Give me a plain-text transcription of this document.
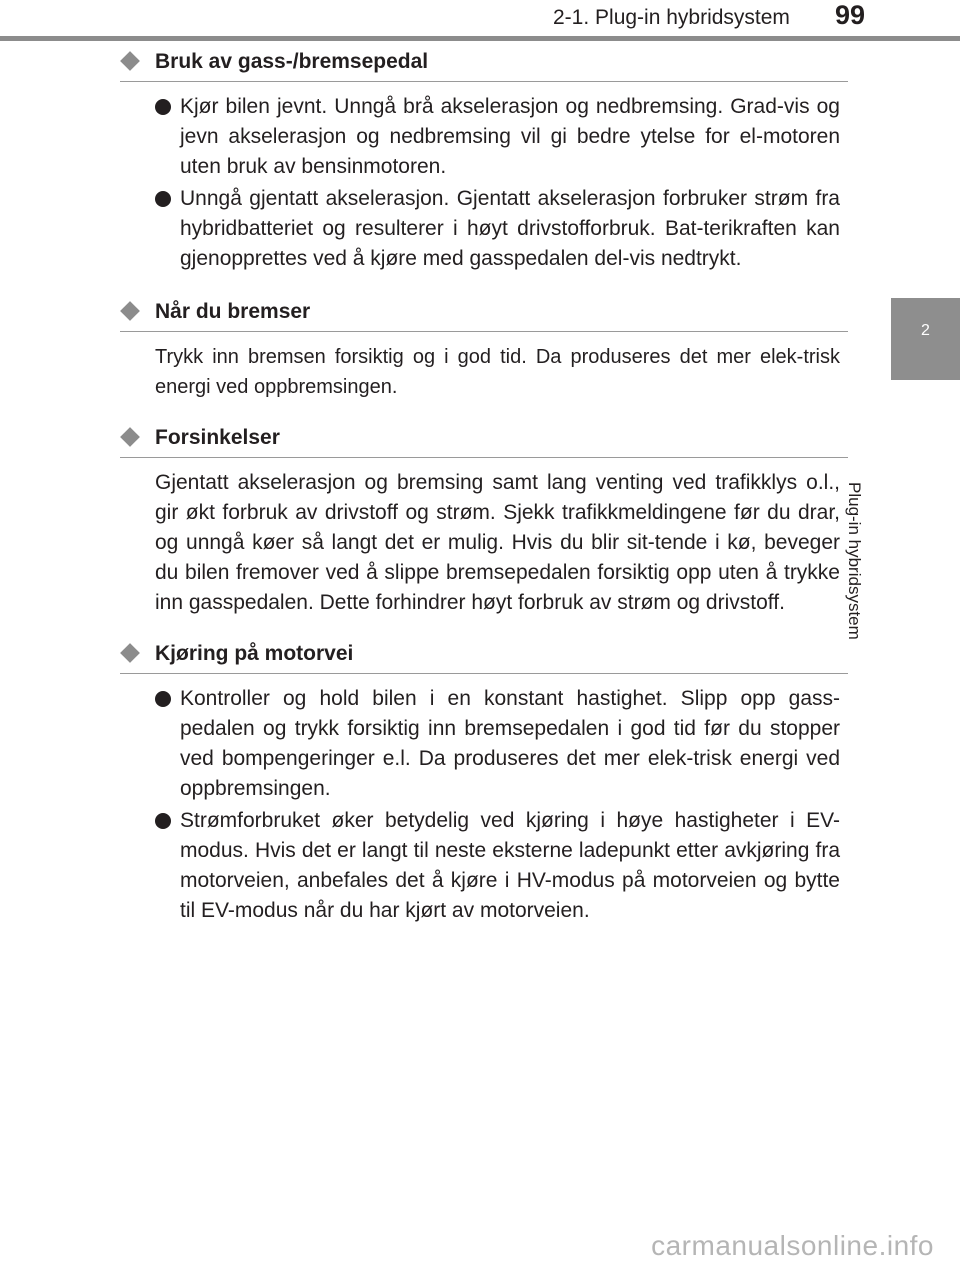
2-1. Plug-in hybridsystem	99
2
Plug-in hybridsystem
Bruk av gass-/bremsepedal
Kjør bilen jevnt. Unngå brå akselerasjon og nedbremsing. Grad-vis og jevn akselerasjon og nedbremsing vil gi bedre ytelse for el-motoren uten bruk av bensinmotoren.
Unngå gjentatt akselerasjon. Gjentatt akselerasjon forbruker strøm fra hybridbatteriet og resulterer i høyt drivstofforbruk. Bat-terikraften kan gjenopprettes ved å kjøre med gasspedalen del-vis nedtrykt.
Når du bremser

Trykk inn bremsen forsiktig og i god tid. Da produseres det mer elek-trisk energi ved oppbremsingen.

Forsinkelser

Gjentatt akselerasjon og bremsing samt lang venting ved trafikklys o.l., gir økt forbruk av drivstoff og strøm. Sjekk trafikkmeldingene før du drar, og unngå køer så langt det er mulig. Hvis du blir sit-tende i kø, beveger du bilen fremover ved å slippe bremsepedalen forsiktig opp uten å trykke inn gasspedalen. Dette forhindrer høyt forbruk av strøm og drivstoff.

Kjøring på motorvei
Kontroller og hold bilen i en konstant hastighet. Slipp opp gass-pedalen og trykk forsiktig inn bremsepedalen i god tid før du stopper ved bompengeringer e.l. Da produseres det mer elek-trisk energi ved oppbremsingen.
Strømforbruket øker betydelig ved kjøring i høye hastigheter i EV-modus. Hvis det er langt til neste eksterne ladepunkt etter avkjøring fra motorveien, anbefales det å kjøre i HV-modus på motorveien og bytte til EV-modus når du har kjørt av motorveien.
carmanualsonline.info
